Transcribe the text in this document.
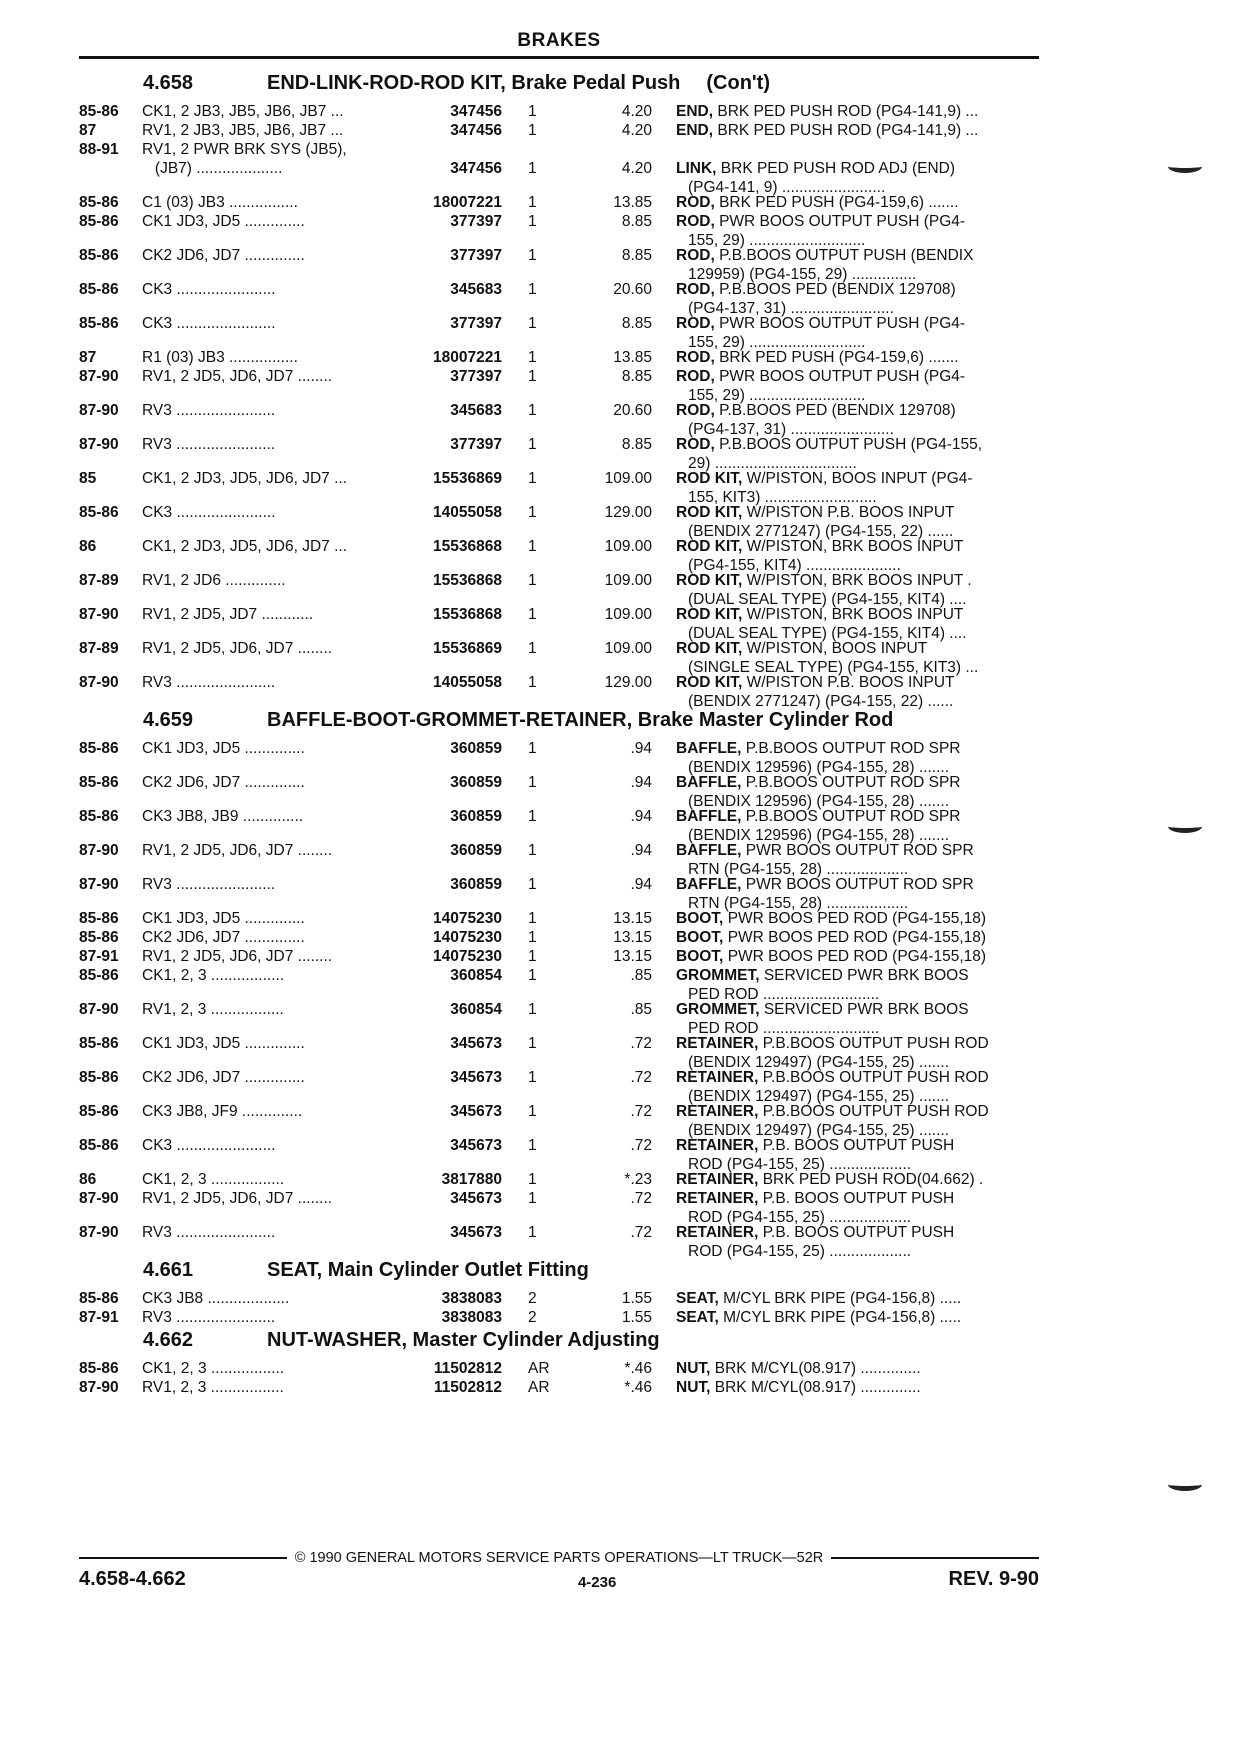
BRAKES
4.658	END-LINK-ROD-ROD KIT, Brake Pedal Push (Con't)
85-86	CK1, 2 JB3, JB5, JB6, JB7 ...	347456	1	4.20 END, BRK PED PUSH ROD (PG4-141,9) ...
87	RV1, 2 JB3, JB5, JB6, JB7 ...	347456	1	4.20 END, BRK PED PUSH ROD (PG4-141,9) ...
88-91	RV1, 2 PWR BRK SYS (JB5),

(JB7) ....................	347456	1	4.20 LINK, BRK PED PUSH ROD ADJ (END)
(PG4-141, 9) ........................
85-86	C1 (03) JB3 ................	18007221	1	13.85 ROD, BRK PED PUSH (PG4-159,6) .......
85-86	CK1 JD3, JD5 ..............	377397	1	8.85 ROD, PWR BOOS OUTPUT PUSH (PG4-
155, 29) ...........................
85-86	CK2 JD6, JD7 ..............	377397	1	8.85 ROD, P.B.BOOS OUTPUT PUSH (BENDIX
129959) (PG4-155, 29) ...............
85-86	CK3 .......................	345683	1	20.60 ROD, P.B.BOOS PED (BENDIX 129708)
(PG4-137, 31) ........................
85-86	CK3 .......................	377397	1	8.85 ROD, PWR BOOS OUTPUT PUSH (PG4-
155, 29) ...........................
87	R1 (03) JB3 ................	18007221	1	13.85 ROD, BRK PED PUSH (PG4-159,6) .......
87-90	RV1, 2 JD5, JD6, JD7 ........	377397	1	8.85 ROD, PWR BOOS OUTPUT PUSH (PG4-
155, 29) ...........................
87-90	RV3 .......................	345683	1	20.60 ROD, P.B.BOOS PED (BENDIX 129708)
(PG4-137, 31) ........................
87-90	RV3 .......................	377397	1	8.85 ROD, P.B.BOOS OUTPUT PUSH (PG4-155,
29) .................................
85	CK1, 2 JD3, JD5, JD6, JD7 ...	15536869	1	109.00 ROD KIT, W/PISTON, BOOS INPUT (PG4-
155, KIT3) ..........................
85-86	CK3 .......................	14055058	1	129.00 ROD KIT, W/PISTON P.B. BOOS INPUT
(BENDIX 2771247) (PG4-155, 22) ......
86	CK1, 2 JD3, JD5, JD6, JD7 ...	15536868	1	109.00 ROD KIT, W/PISTON, BRK BOOS INPUT
(PG4-155, KIT4) ......................
87-89	RV1, 2 JD6 ..............	15536868	1	109.00 ROD KIT, W/PISTON, BRK BOOS INPUT .
(DUAL SEAL TYPE) (PG4-155, KIT4) ....
87-90	RV1, 2 JD5, JD7 ............	15536868	1	109.00 ROD KIT, W/PISTON, BRK BOOS INPUT
(DUAL SEAL TYPE) (PG4-155, KIT4) ....
87-89	RV1, 2 JD5, JD6, JD7 ........	15536869	1	109.00 ROD KIT, W/PISTON, BOOS INPUT
(SINGLE SEAL TYPE) (PG4-155, KIT3) ...
87-90	RV3 .......................	14055058	1	129.00 ROD KIT, W/PISTON P.B. BOOS INPUT
(BENDIX 2771247) (PG4-155, 22) ......
4.659	BAFFLE-BOOT-GROMMET-RETAINER, Brake Master Cylinder Rod
85-86	CK1 JD3, JD5 ..............	360859	1	.94 BAFFLE, P.B.BOOS OUTPUT ROD SPR
(BENDIX 129596) (PG4-155, 28) .......
85-86	CK2 JD6, JD7 ..............	360859	1	.94 BAFFLE, P.B.BOOS OUTPUT ROD SPR
(BENDIX 129596) (PG4-155, 28) .......
85-86	CK3 JB8, JB9 ..............	360859	1	.94 BAFFLE, P.B.BOOS OUTPUT ROD SPR
(BENDIX 129596) (PG4-155, 28) .......
87-90	RV1, 2 JD5, JD6, JD7 ........	360859	1	.94 BAFFLE, PWR BOOS OUTPUT ROD SPR
RTN (PG4-155, 28) ...................
87-90	RV3 .......................	360859	1	.94 BAFFLE, PWR BOOS OUTPUT ROD SPR
RTN (PG4-155, 28) ...................
85-86	CK1 JD3, JD5 ..............	14075230	1	13.15 BOOT, PWR BOOS PED ROD (PG4-155,18)
85-86	CK2 JD6, JD7 ..............	14075230	1	13.15 BOOT, PWR BOOS PED ROD (PG4-155,18)
87-91	RV1, 2 JD5, JD6, JD7 ........	14075230	1	13.15 BOOT, PWR BOOS PED ROD (PG4-155,18)
85-86	CK1, 2, 3 .................	360854	1	.85 GROMMET, SERVICED PWR BRK BOOS
PED ROD ...........................
87-90	RV1, 2, 3 .................	360854	1	.85 GROMMET, SERVICED PWR BRK BOOS
PED ROD ...........................
85-86	CK1 JD3, JD5 ..............	345673	1	.72 RETAINER, P.B.BOOS OUTPUT PUSH ROD
(BENDIX 129497) (PG4-155, 25) .......
85-86	CK2 JD6, JD7 ..............	345673	1	.72 RETAINER, P.B.BOOS OUTPUT PUSH ROD
(BENDIX 129497) (PG4-155, 25) .......
85-86	CK3 JB8, JF9 ..............	345673	1	.72 RETAINER, P.B.BOOS OUTPUT PUSH ROD
(BENDIX 129497) (PG4-155, 25) .......
85-86	CK3 .......................	345673	1	.72 RETAINER, P.B. BOOS OUTPUT PUSH
ROD (PG4-155, 25) ...................
86	CK1, 2, 3 .................	3817880	1	*.23 RETAINER, BRK PED PUSH ROD(04.662) .
87-90	RV1, 2 JD5, JD6, JD7 ........	345673	1	.72 RETAINER, P.B. BOOS OUTPUT PUSH
ROD (PG4-155, 25) ...................
87-90	RV3 .......................	345673	1	.72 RETAINER, P.B. BOOS OUTPUT PUSH
ROD (PG4-155, 25) ...................
4.661	SEAT, Main Cylinder Outlet Fitting
85-86	CK3 JB8 ...................	3838083	2	1.55 SEAT, M/CYL BRK PIPE (PG4-156,8) .....
87-91	RV3 .......................	3838083	2	1.55 SEAT, M/CYL BRK PIPE (PG4-156,8) .....
4.662	NUT-WASHER, Master Cylinder Adjusting
85-86	CK1, 2, 3 .................	11502812	AR	*.46 NUT, BRK M/CYL(08.917) ..............
87-90	RV1, 2, 3 .................	11502812	AR	*.46 NUT, BRK M/CYL(08.917) ..............
© 1990 GENERAL MOTORS SERVICE PARTS OPERATIONS—LT TRUCK—52R
4.658-4.662	4-236	REV. 9-90
